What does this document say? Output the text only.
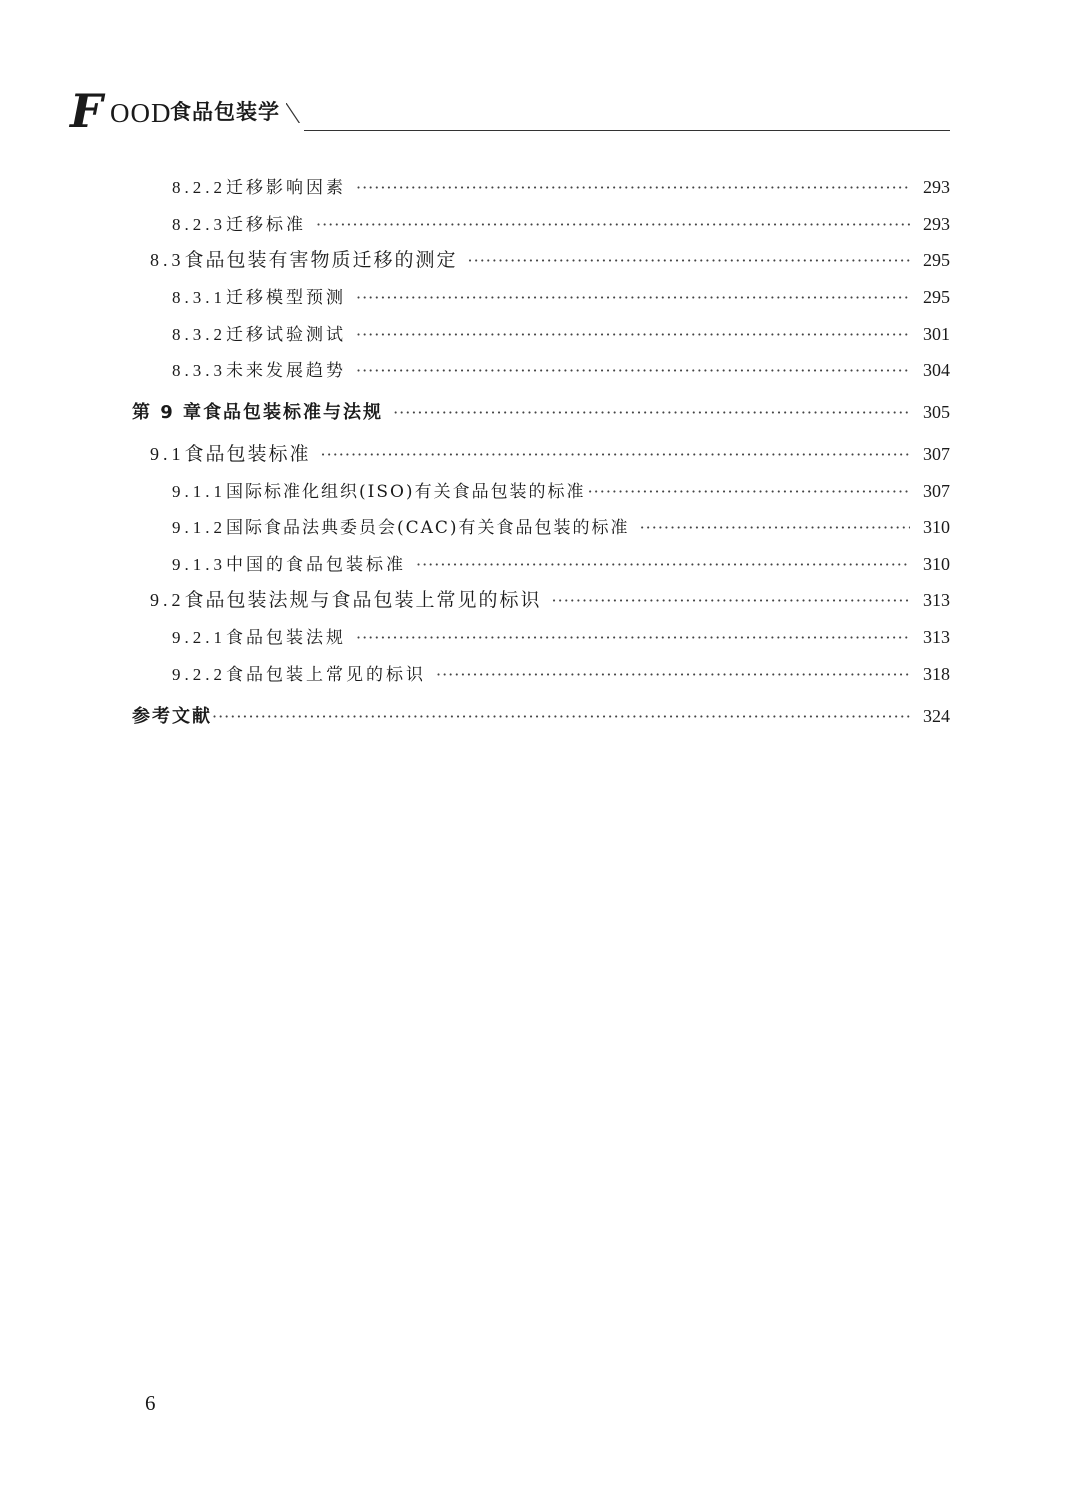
F OOD
食品包装学
8.2.2 迁移影响因素 ·····	293
8.2.3 迁移标准 ·····	293
8.3 食品包装有害物质迁移的测定 ·····	295
8.3.1 迁移模型预测 ·····	295
8.3.2 迁移试验测试 ·····	301
8.3.3 未来发展趋势 ·····	304
第 9 章 食品包装标准与法规 ·····	305
9.1 食品包装标准 ·····	307
9.1.1 国际标准化组织(ISO)有关食品包装的标准 ·····	307
9.1.2 国际食品法典委员会(CAC)有关食品包装的标准 ·····	310
9.1.3 中国的食品包装标准 ·····	310
9.2 食品包装法规与食品包装上常见的标识 ·····	313
9.2.1 食品包装法规 ·····	313
9.2.2 食品包装上常见的标识 ·····	318
参考文献 ·····	324
6
